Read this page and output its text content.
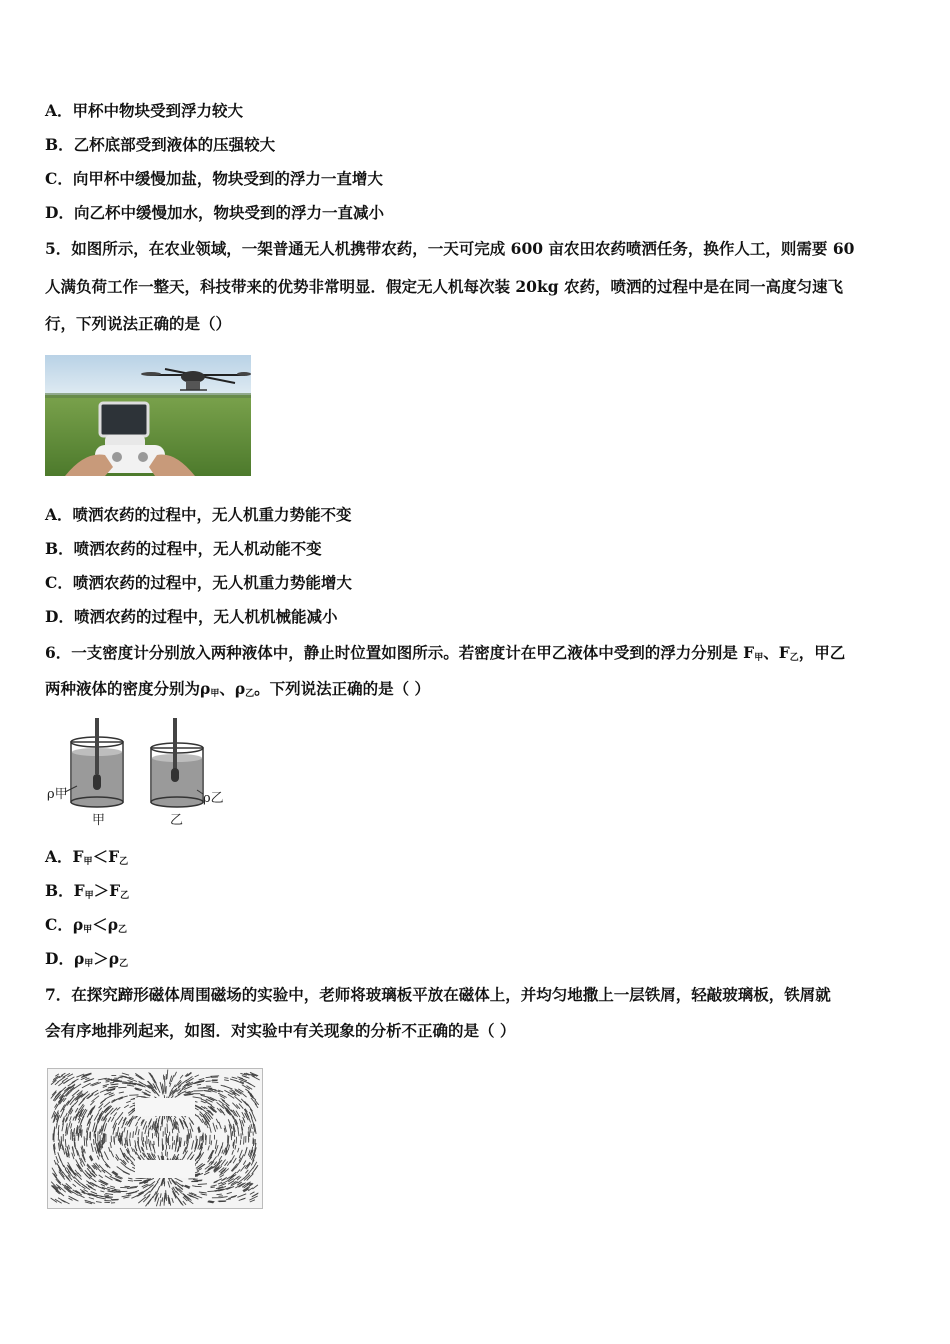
A．甲杯中物块受到浮力较大
B．乙杯底部受到液体的压强较大
C．向甲杯中缓慢加盐，物块受到的浮力一直增大
D．向乙杯中缓慢加水，物块受到的浮力一直减小
5．如图所示，在农业领域，一架普通无人机携带农药，一天可完成 600 亩农田农药喷洒任务，换作人工，则需要 60
人满负荷工作一整天，科技带来的优势非常明显．假定无人机每次装 20kg 农药，喷洒的过程中是在同一高度匀速飞
行，下列说法正确的是（）
A．喷洒农药的过程中，无人机重力势能不变
B．喷洒农药的过程中，无人机动能不变
C．喷洒农药的过程中，无人机重力势能增大
D．喷洒农药的过程中，无人机机械能减小
6．一支密度计分别放入两种液体中，静止时位置如图所示。若密度计在甲乙液体中受到的浮力分别是 $F_甲$、$F_乙$，甲乙
两种液体的密度分别为$\rho_甲$、$\rho_乙$。下列说法正确的是（ ）
ρ甲	ρ乙
甲	乙
A．$F_甲<F_乙$
B．$F_甲>F_乙$
C．$\rho_甲<\rho_乙$
D．$\rho_甲>\rho_乙$
7．在探究蹄形磁体周围磁场的实验中，老师将玻璃板平放在磁体上，并均匀地撒上一层铁屑，轻敲玻璃板，铁屑就
会有序地排列起来，如图．对实验中有关现象的分析不正确的是（ ）
